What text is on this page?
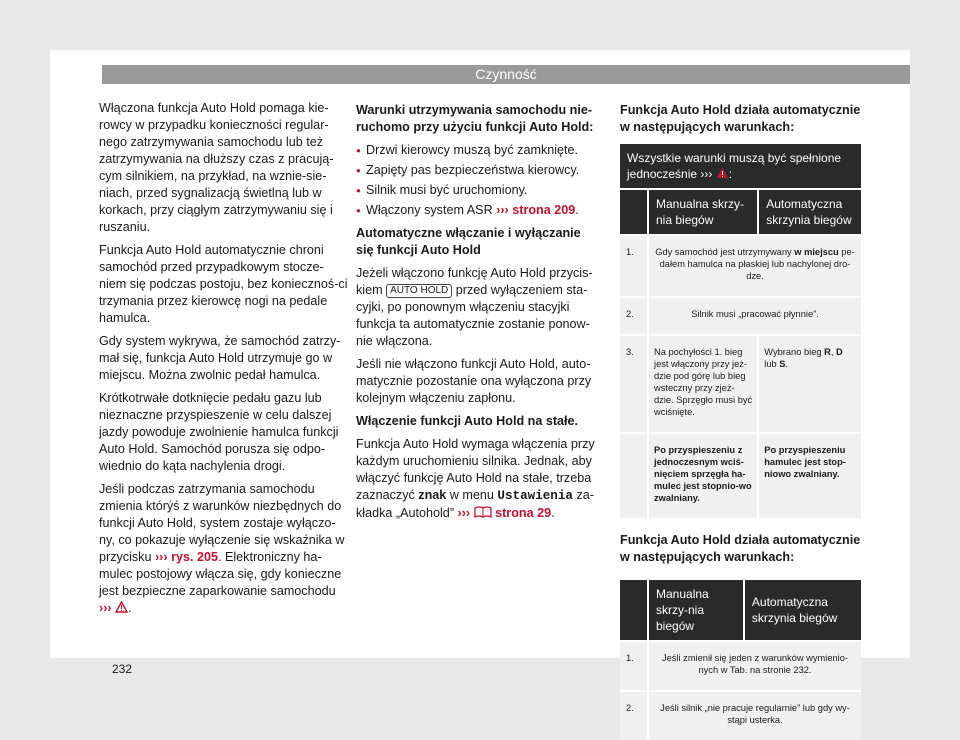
Czynność

Włączona funkcja Auto Hold pomaga kie-rowcy w przypadku konieczności regular-nego zatrzymywania samochodu lub też zatrzymywania na dłuższy czas z pracują-cym silnikiem, na przykład, na wznie-sie-niach, przed sygnalizacją świetlną lub w korkach, przy ciągłym zatrzymywaniu się i ruszaniu.

Funkcja Auto Hold automatycznie chroni samochód przed przypadkowym stocze-niem się podczas postoju, bez koniecznoś-ci trzymania przez kierowcę nogi na pedale hamulca.

Gdy system wykrywa, że samochód zatrzy-mał się, funkcja Auto Hold utrzymuje go w miejscu. Można zwolnic pedał hamulca.

Krótkotrwałe dotknięcie pedału gazu lub nieznaczne przyspieszenie w celu dalszej jazdy powoduje zwolnienie hamulca funkcji Auto Hold. Samochód porusza się odpo-wiednio do kąta nachylenia drogi.

Jeśli podczas zatrzymania samochodu zmienia którýś z warunków niezbędnych do funkcji Auto Hold, system zostaje wyłączo-ny, co pokazuje wyłączenie się wskaźnika w przycisku ››› rys. 205. Elektroniczny ha-mulec postojowy włącza się, gdy konieczne jest bezpieczne zaparkowanie samochodu
››› .

Warunki utrzymywania samochodu nie-ruchomo przy użyciu funkcji Auto Hold:
● Drzwi kierowcy muszą być zamknięte.
● Zapięty pas bezpieczeństwa kierowcy.
● Silnik musi być uruchomiony.
● Włączony system ASR ››› strona 209.
Automatyczne włączanie i wyłączanie się funkcji Auto Hold

Jeżeli włączono funkcję Auto Hold przycis-kiem AUTO HOLD przed wyłączeniem sta-cyjki, po ponownym włączeniu stacyjki funkcja ta automatycznie zostanie ponow-nie włączona.

Jeśli nie włączono funkcji Auto Hold, auto-matycznie pozostanie ona wyłączona przy kolejnym włączeniu zapłonu.

Włączenie funkcji Auto Hold na stałe.

Funkcja Auto Hold wymaga włączenia przy każdym uruchomieniu silnika. Jednak, aby włączyć funkcję Auto Hold na stałe, trzeba zaznaczyć znak w menu Ustawienia za-kładka „Autohold” ›››  strona 29.

Funkcja Auto Hold działa automatycznie w następujących warunkach:
Wszystkie warunki muszą być spełnione jednocześnie ››› :		
	Manualna skrzy-nia biegów	Automatyczna skrzynia biegów
1.	Gdy samochód jest utrzymywany w miejscu pe-dałem hamulca na płaskiej lub nachylonej dro-dze.	
2.	Silnik musi „pracować płynnie”.	
3.	Na pochyłości 1. bieg jest włączony przy jeż-dzie pod górę lub bieg wsteczny przy zjeż-dzie. Sprzęgło musi być wciśnięte.	Wybrano bieg R, D lub S.
	Po przyspieszeniu z jednoczesnym wciś-nięciem sprzęgła ha-mulec jest stopnio-wo zwalniany.	Po przyspieszeniu hamulec jest stop-niowo zwalniany.
Funkcja Auto Hold działa automatycznie w następujących warunkach:
	Manualna skrzy-nia biegów	Automatyczna skrzynia biegów
1.	Jeśli zmienił się jeden z warunków wymienio-nych w Tab. na stronie 232.	
2.	Jeśli silnik „nie pracuje regularnie” lub gdy wy-stąpi usterka.	
232
